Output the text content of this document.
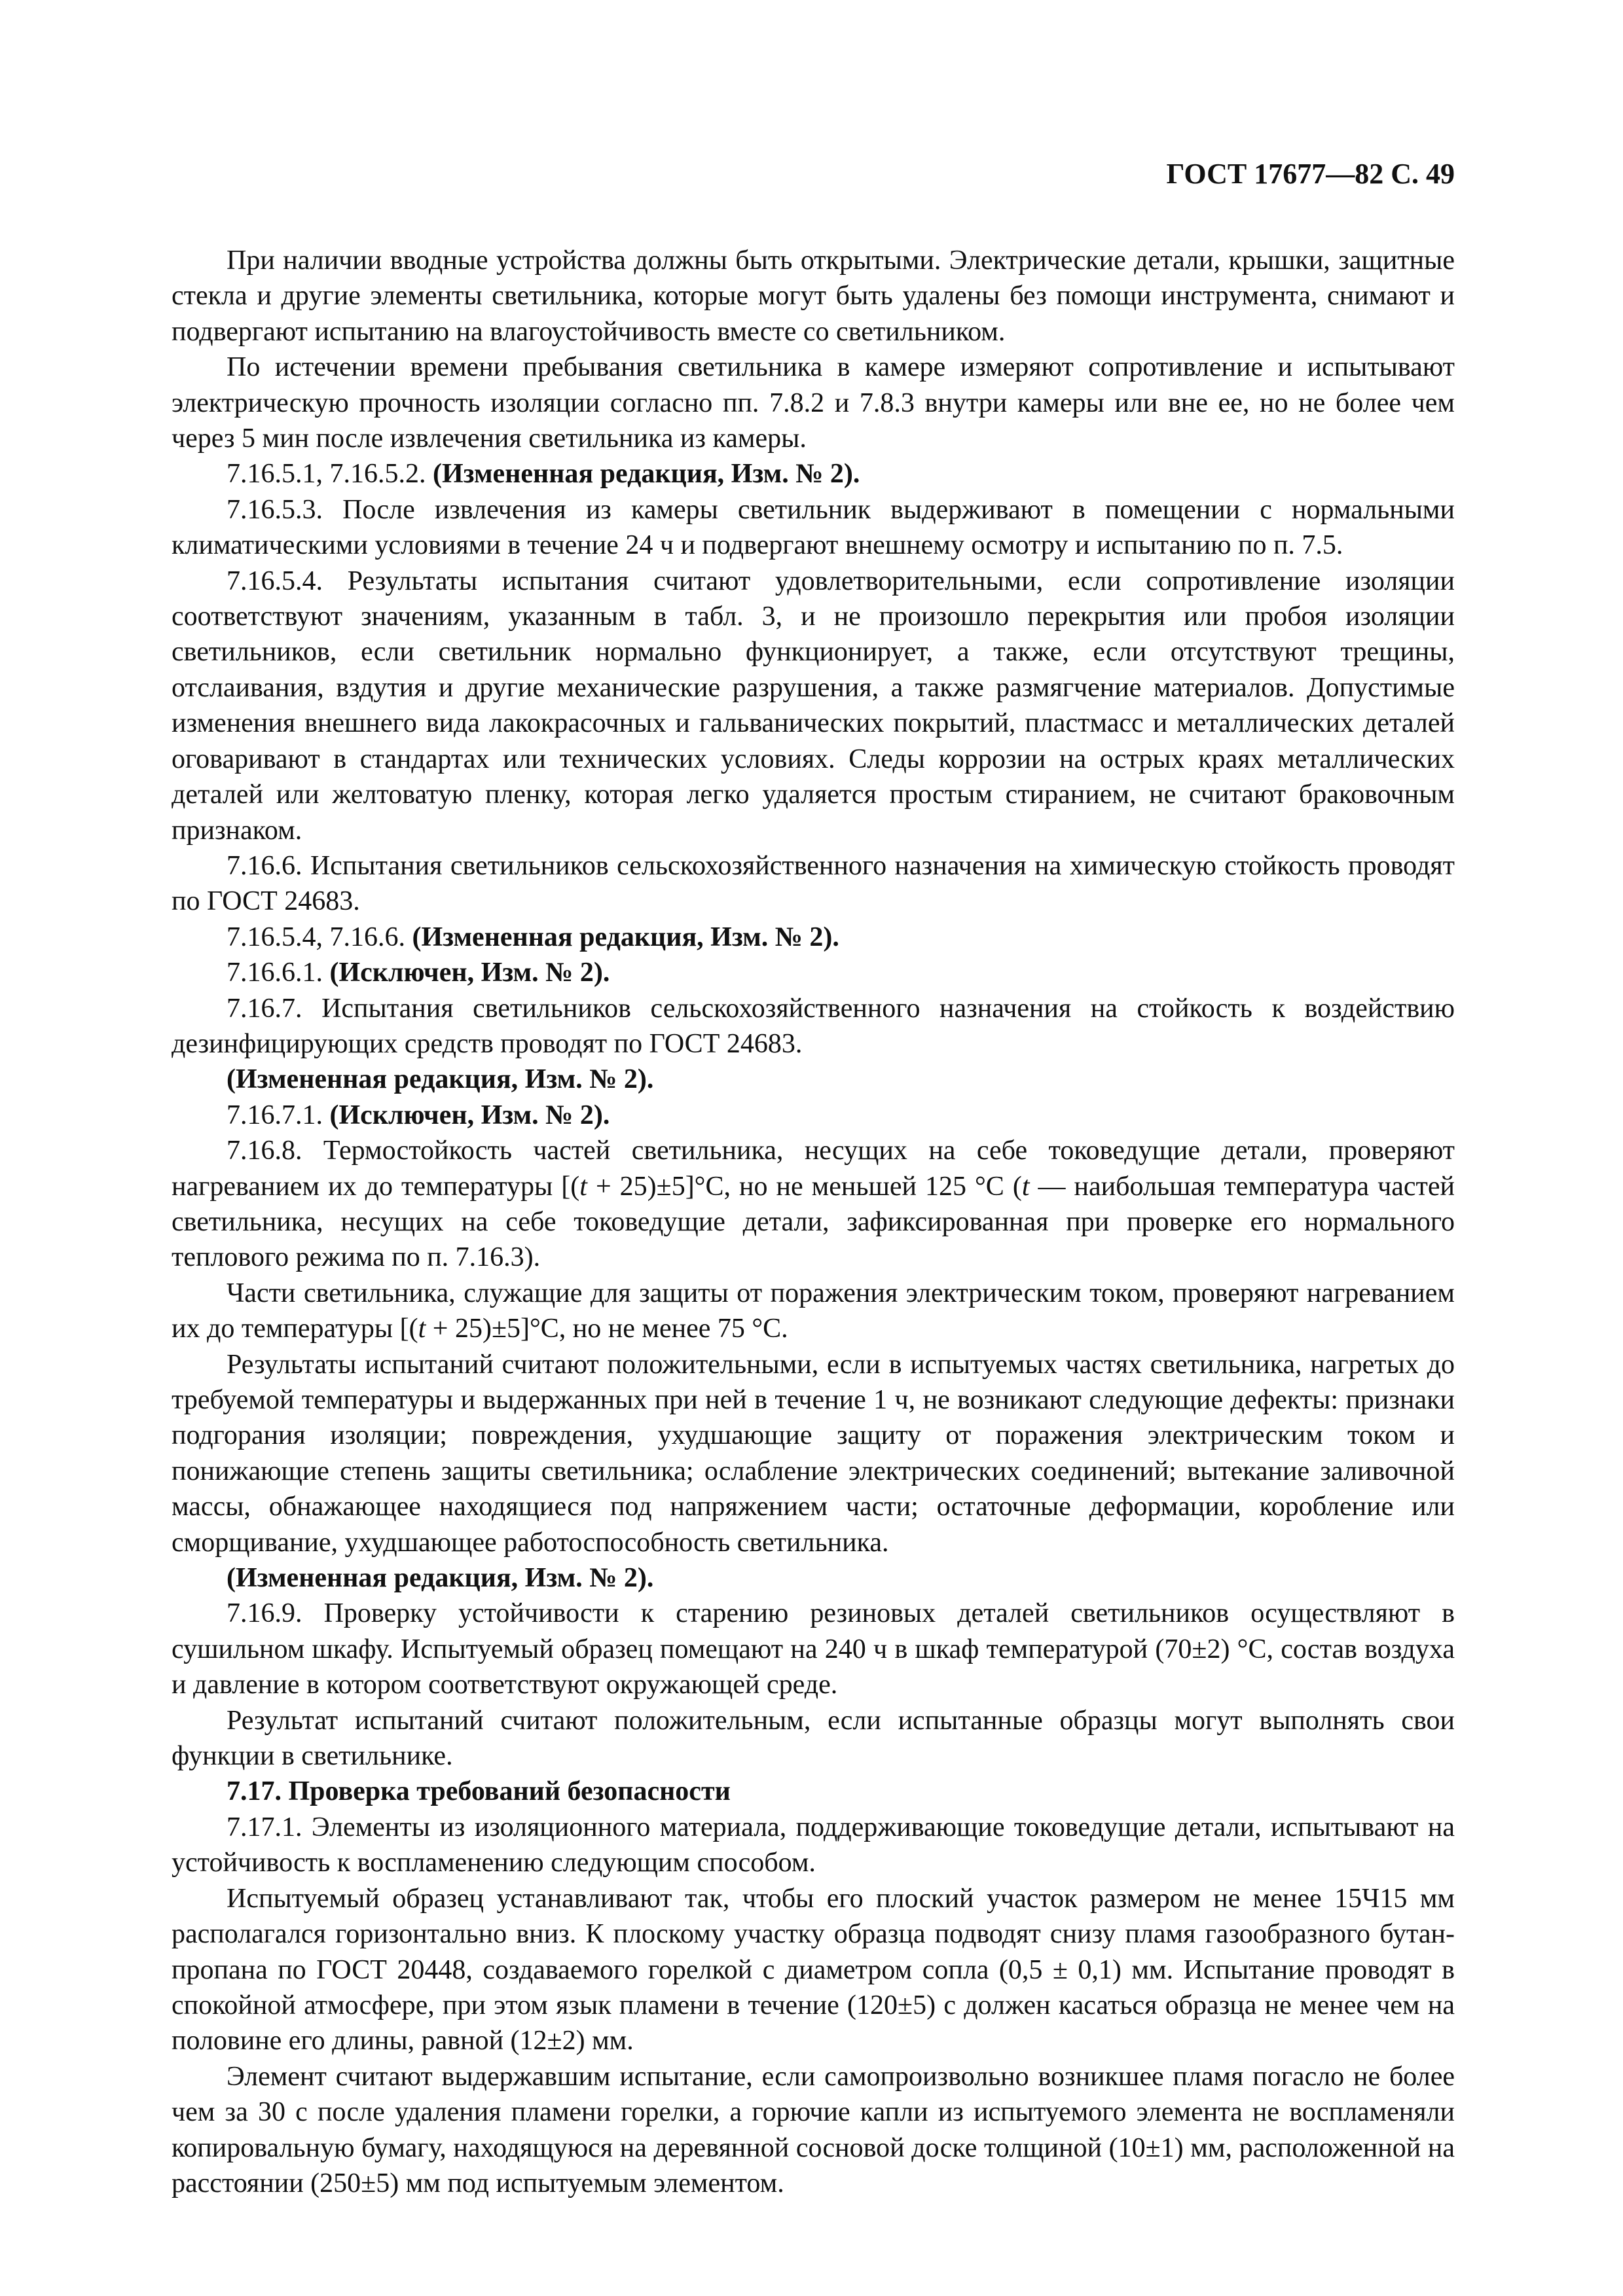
ГОСТ 17677—82 С. 49

При наличии вводные устройства должны быть открытыми. Электрические детали, крышки, защитные стекла и другие элементы светильника, которые могут быть удалены без помощи инструмента, снимают и подвергают испытанию на влагоустойчивость вместе со светильником.

По истечении времени пребывания светильника в камере измеряют сопротивление и испытывают электрическую прочность изоляции согласно пп. 7.8.2 и 7.8.3 внутри камеры или вне ее, но не более чем через 5 мин после извлечения светильника из камеры.

7.16.5.1, 7.16.5.2. (Измененная редакция, Изм. № 2).

7.16.5.3. После извлечения из камеры светильник выдерживают в помещении с нормальными климатическими условиями в течение 24 ч и подвергают внешнему осмотру и испытанию по п. 7.5.

7.16.5.4. Результаты испытания считают удовлетворительными, если сопротивление изоляции соответствуют значениям, указанным в табл. 3, и не произошло перекрытия или пробоя изоляции светильников, если светильник нормально функционирует, а также, если отсутствуют трещины, отслаивания, вздутия и другие механические разрушения, а также размягчение материалов. Допустимые изменения внешнего вида лакокрасочных и гальванических покрытий, пластмасс и металлических деталей оговаривают в стандартах или технических условиях. Следы коррозии на острых краях металлических деталей или желтоватую пленку, которая легко удаляется простым стиранием, не считают браковочным признаком.

7.16.6. Испытания светильников сельскохозяйственного назначения на химическую стойкость проводят по ГОСТ 24683.

7.16.5.4, 7.16.6. (Измененная редакция, Изм. № 2).

7.16.6.1. (Исключен, Изм. № 2).

7.16.7. Испытания светильников сельскохозяйственного назначения на стойкость к воздействию дезинфицирующих средств проводят по ГОСТ 24683.

(Измененная редакция, Изм. № 2).

7.16.7.1. (Исключен, Изм. № 2).

7.16.8. Термостойкость частей светильника, несущих на себе токоведущие детали, проверяют нагреванием их до температуры [(t + 25)±5]°С, но не меньшей 125 °С (t — наибольшая температура частей светильника, несущих на себе токоведущие детали, зафиксированная при проверке его нормального теплового режима по п. 7.16.3).

Части светильника, служащие для защиты от поражения электрическим током, проверяют нагреванием их до температуры [(t + 25)±5]°С, но не менее 75 °С.

Результаты испытаний считают положительными, если в испытуемых частях светильника, нагретых до требуемой температуры и выдержанных при ней в течение 1 ч, не возникают следующие дефекты: признаки подгорания изоляции; повреждения, ухудшающие защиту от поражения электрическим током и понижающие степень защиты светильника; ослабление электрических соединений; вытекание заливочной массы, обнажающее находящиеся под напряжением части; остаточные деформации, коробление или сморщивание, ухудшающее работоспособность светильника.

(Измененная редакция, Изм. № 2).

7.16.9. Проверку устойчивости к старению резиновых деталей светильников осуществляют в сушильном шкафу. Испытуемый образец помещают на 240 ч в шкаф температурой (70±2) °С, состав воздуха и давление в котором соответствуют окружающей среде.

Результат испытаний считают положительным, если испытанные образцы могут выполнять свои функции в светильнике.

7.17. Проверка требований безопасности

7.17.1. Элементы из изоляционного материала, поддерживающие токоведущие детали, испытывают на устойчивость к воспламенению следующим способом.

Испытуемый образец устанавливают так, чтобы его плоский участок размером не менее 15Ч15 мм располагался горизонтально вниз. К плоскому участку образца подводят снизу пламя газообразного бутан-пропана по ГОСТ 20448, создаваемого горелкой с диаметром сопла (0,5 ± 0,1) мм. Испытание проводят в спокойной атмосфере, при этом язык пламени в течение (120±5) с должен касаться образца не менее чем на половине его длины, равной (12±2) мм.

Элемент считают выдержавшим испытание, если самопроизвольно возникшее пламя погасло не более чем за 30 с после удаления пламени горелки, а горючие капли из испытуемого элемента не воспламеняли копировальную бумагу, находящуюся на деревянной сосновой доске толщиной (10±1) мм, расположенной на расстоянии (250±5) мм под испытуемым элементом.
